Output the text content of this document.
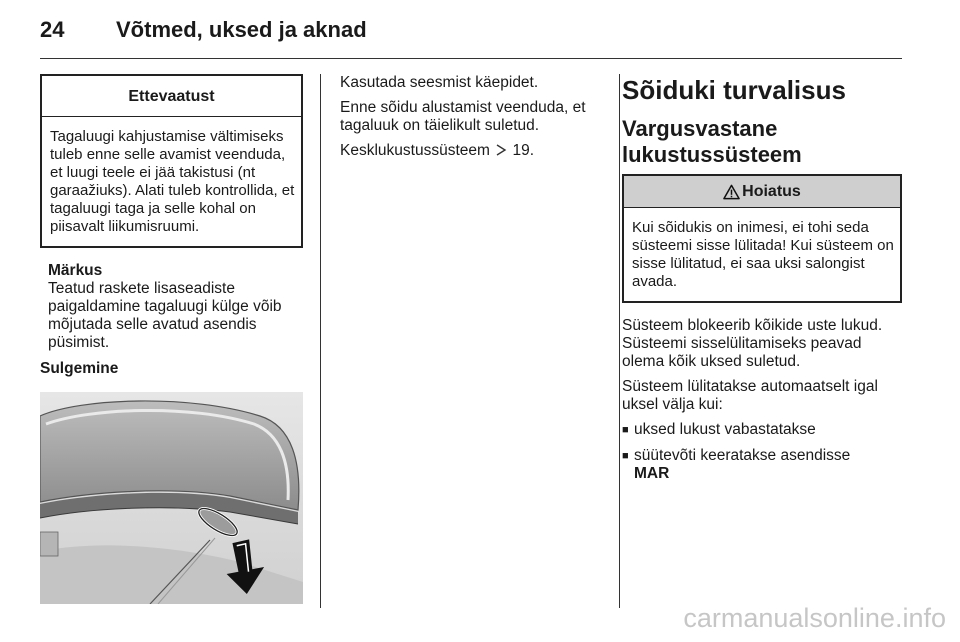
24	Võtmed, uksed ja aknad
Ettevaatust
Tagaluugi kahjustamise vältimiseks tuleb enne selle avamist veenduda, et luugi teele ei jää takistusi (nt garaažiuks). Alati tuleb kontrollida, et tagaluugi taga ja selle kohal on piisavalt liikumisruumi.
Märkus

Teatud raskete lisaseadiste paigaldamine tagaluugi külge võib mõjutada selle avatud asendis püsimist.

Sulgemine

Kasutada seesmist käepidet.

Enne sõidu alustamist veenduda, et tagaluuk on täielikult suletud.

Kesklukustussüsteem 19.

Sõiduki turvalisus
Vargusvastane lukustussüsteem
Hoiatus
Kui sõidukis on inimesi, ei tohi seda süsteemi sisse lülitada! Kui süsteem on sisse lülitatud, ei saa uksi salongist avada.

Süsteem blokeerib kõikide uste lukud. Süsteemi sisselülitamiseks peavad olema kõik uksed suletud.

Süsteem lülitatakse automaatselt igal uksel välja kui:

■ uksed lukust vabastatakse
■ süütevõti keeratakse asendisse
MAR
carmanualsonline.info
